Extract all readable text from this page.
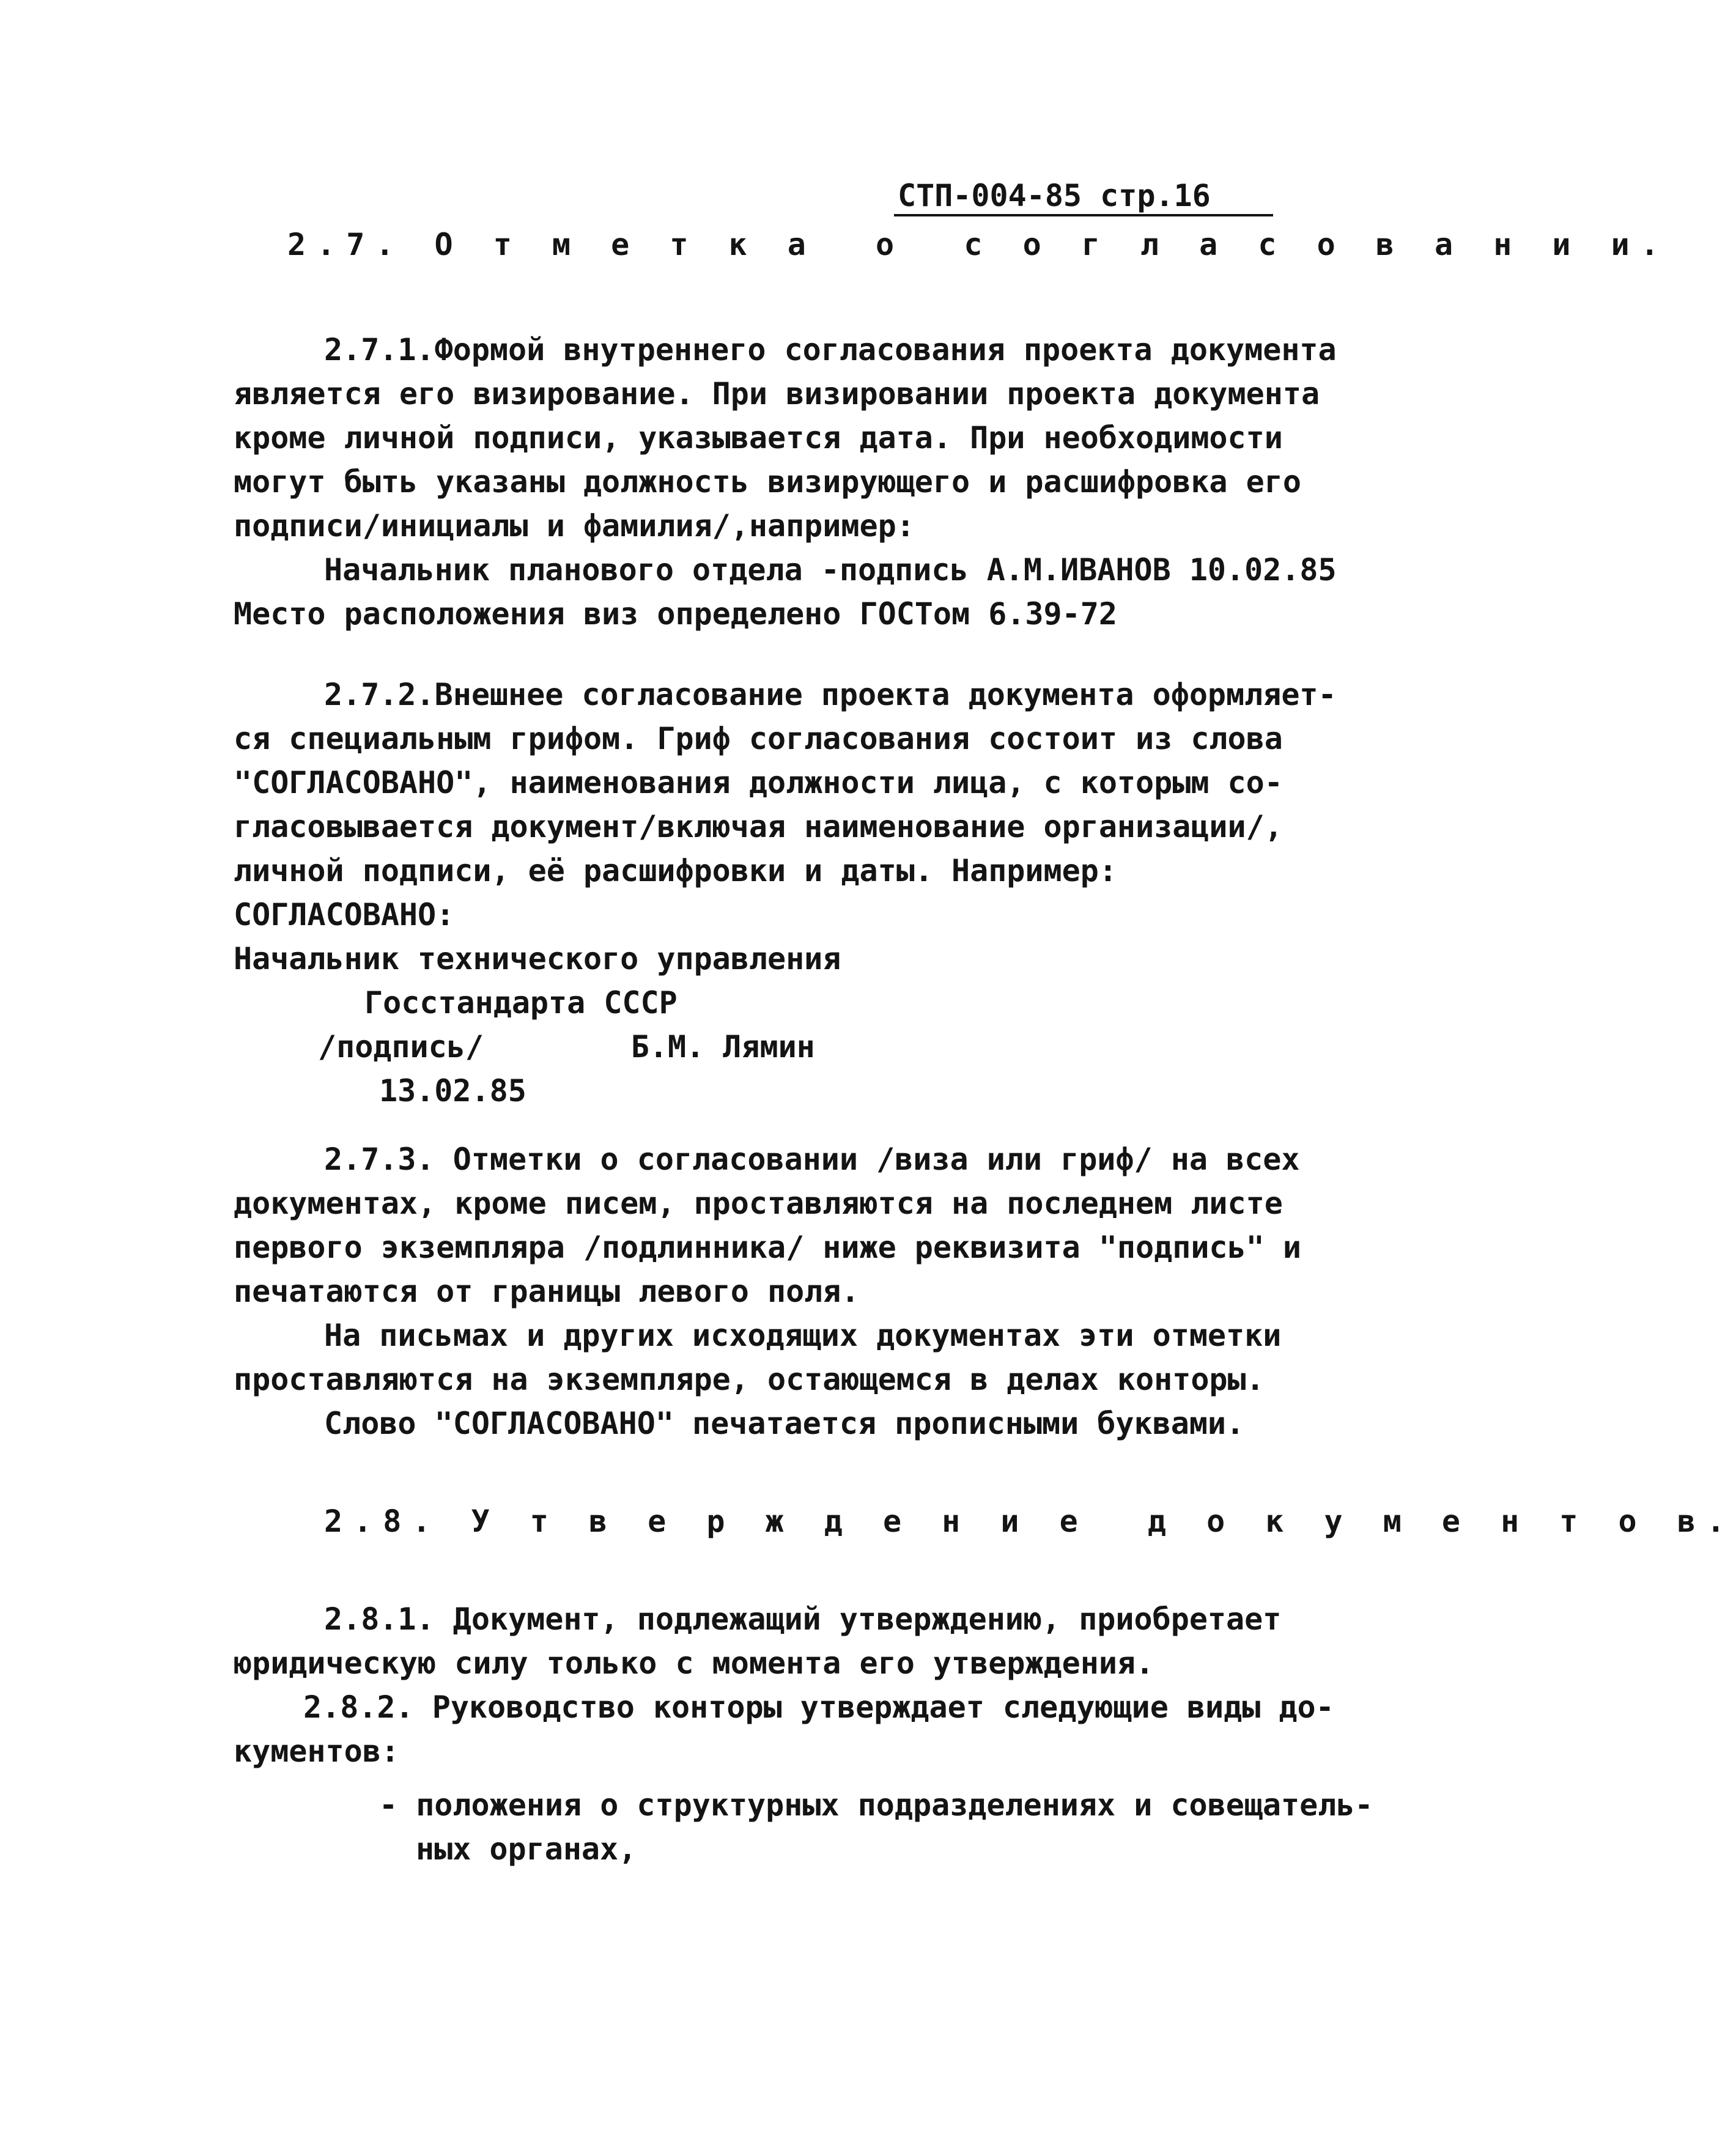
СТП-004-85 стр.16
2.7. О т м е т к а  о  с о г л а с о в а н и и.
2.7.1.Формой внутреннего согласования проекта документа
является его визирование. При визировании проекта документа
кроме личной подписи, указывается дата. При необходимости
могут быть указаны должность визирующего и расшифровка его
подписи/инициалы и фамилия/,например:
Начальник планового отдела -подпись А.М.ИВАНОВ 10.02.85
Место расположения виз определено ГОСТом 6.39-72
2.7.2.Внешнее согласование проекта документа оформляет-
ся специальным грифом. Гриф согласования состоит из слова
"СОГЛАСОВАНО", наименования должности лица, с которым со-
гласовывается документ/включая наименование организации/,
личной подписи, её расшифровки и даты. Например:
СОГЛАСОВАНО:
Начальник технического управления
Госстандарта СССР
/подпись/        Б.М. Лямин
13.02.85
2.7.3. Отметки о согласовании /виза или гриф/ на всех
документах, кроме писем, проставляются на последнем листе
первого экземпляра /подлинника/ ниже реквизита "подпись" и
печатаются от границы левого поля.
На письмах и других исходящих документах эти отметки
проставляются на экземпляре, остающемся в делах конторы.
Слово "СОГЛАСОВАНО" печатается прописными буквами.
2.8. У т в е р ж д е н и е  д о к у м е н т о в.
2.8.1. Документ, подлежащий утверждению, приобретает
юридическую силу только с момента его утверждения.
2.8.2. Руководство конторы утверждает следующие виды до-
кументов:
- положения о структурных подразделениях и совещатель-
ных органах,
